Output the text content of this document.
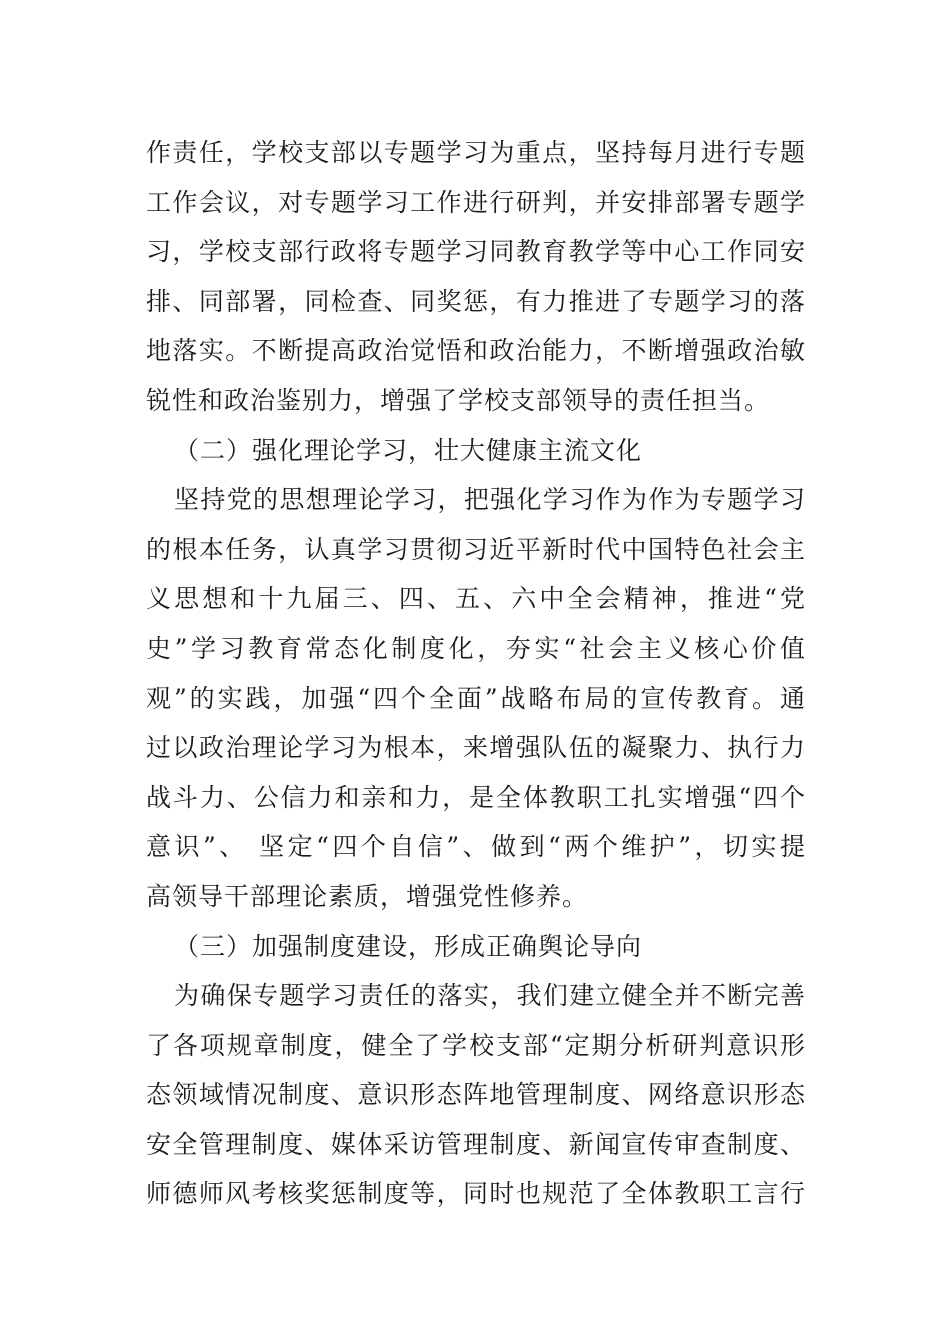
作责任，学校支部以专题学习为重点，坚持每月进行专题
工作会议，对专题学习工作进行研判，并安排部署专题学
习，学校支部行政将专题学习同教育教学等中心工作同安
排、同部署，同检查、同奖惩，有力推进了专题学习的落
地落实。不断提高政治觉悟和政治能力，不断增强政治敏
锐性和政治鉴别力，增强了学校支部领导的责任担当。
（二）强化理论学习，壮大健康主流文化
坚持党的思想理论学习，把强化学习作为作为专题学习
的根本任务，认真学习贯彻习近平新时代中国特色社会主
义思想和十九届三、四、五、六中全会精神，推进“党
史”学习教育常态化制度化，夯实“社会主义核心价值
观”的实践，加强“四个全面”战略布局的宣传教育。通
过以政治理论学习为根本，来增强队伍的凝聚力、执行力
战斗力、公信力和亲和力，是全体教职工扎实增强“四个
意识”、 坚定“四个自信”、做到“两个维护”，切实提
高领导干部理论素质，增强党性修养。
（三）加强制度建设，形成正确舆论导向
为确保专题学习责任的落实，我们建立健全并不断完善
了各项规章制度，健全了学校支部“定期分析研判意识形
态领域情况制度、意识形态阵地管理制度、网络意识形态
安全管理制度、媒体采访管理制度、新闻宣传审查制度、
师德师风考核奖惩制度等，同时也规范了全体教职工言行
